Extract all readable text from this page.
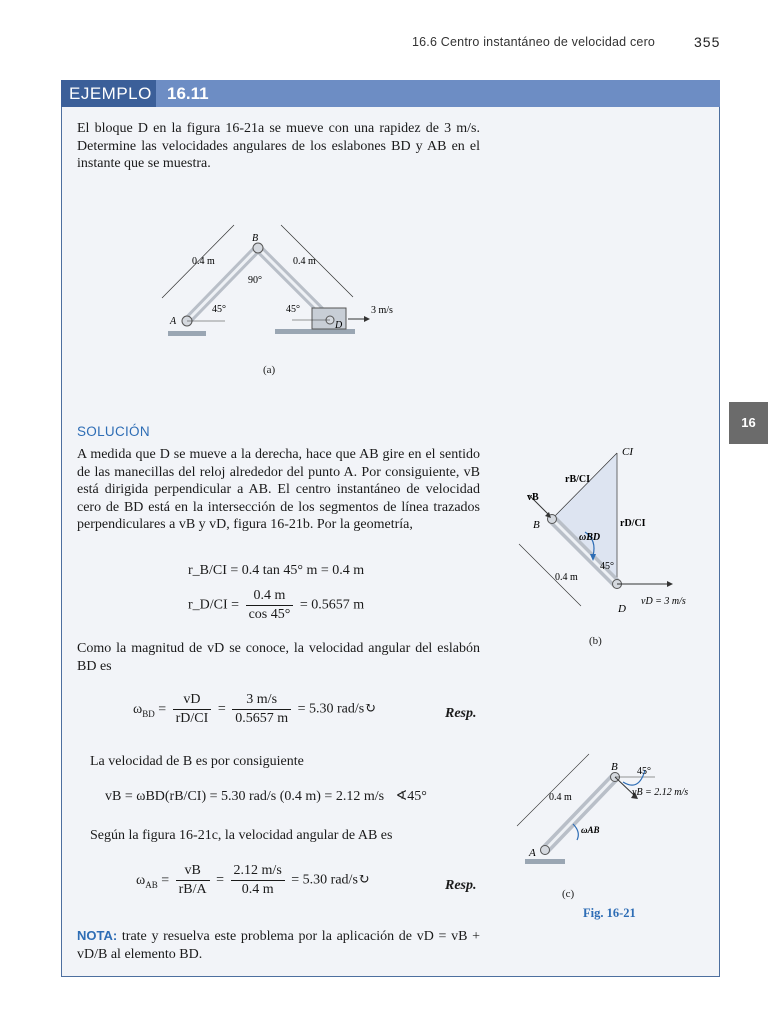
16.6 Centro instantáneo de velocidad cero	355
EJEMPLO 16.11
16
El bloque D en la figura 16-21a se mueve con una rapidez de 3 m/s. Determine las velocidades angulares de los eslabones BD y AB en el instante que se muestra.
0.4 m	0.4 m
90°
45°	45°	3 m/s
A
B
D
(a)
SOLUCIÓN
A medida que D se mueve a la derecha, hace que AB gire en el sentido de las manecillas del reloj alrededor del punto A. Por consiguiente, vB está dirigida perpendicular a AB. El centro instantáneo de velocidad cero de BD está en la intersección de los segmentos de línea trazados perpendiculares a vB y vD, figura 16-21b. Por la geometría,
r_B/CI = 0.4 tan 45° m = 0.4 m
r_D/CI = $\frac{0.4 m}{\cos 45^\circ} = 0.5657$ m
Como la magnitud de vD se conoce, la velocidad angular del eslabón BD es
$\omega_{BD} = \frac{vD}{rD/CI} = \frac{3 m/s}{0.5657 m} = 5.30$ rad/s↻	Resp.
La velocidad de B es por consiguiente
vB = ωBD(rB/CI) = 5.30 rad/s (0.4 m) = 2.12 m/s ∢45°
Según la figura 16-21c, la velocidad angular de AB es
$\omega_{AB} = \frac{vB}{rB/A} = \frac{2.12 m/s}{0.4 m} = 5.30$ rad/s↻	Resp.
NOTA: trate y resuelva este problema por la aplicación de vD = vB + vD/B al elemento BD.
CI
rB/CI
rD/CI
vB
ωBD
45°
0.4 m
vD = 3 m/s
B
D
(b)
45°
0.4 m	vB = 2.12 m/s
ωAB
A
B
(c)
Fig. 16-21
